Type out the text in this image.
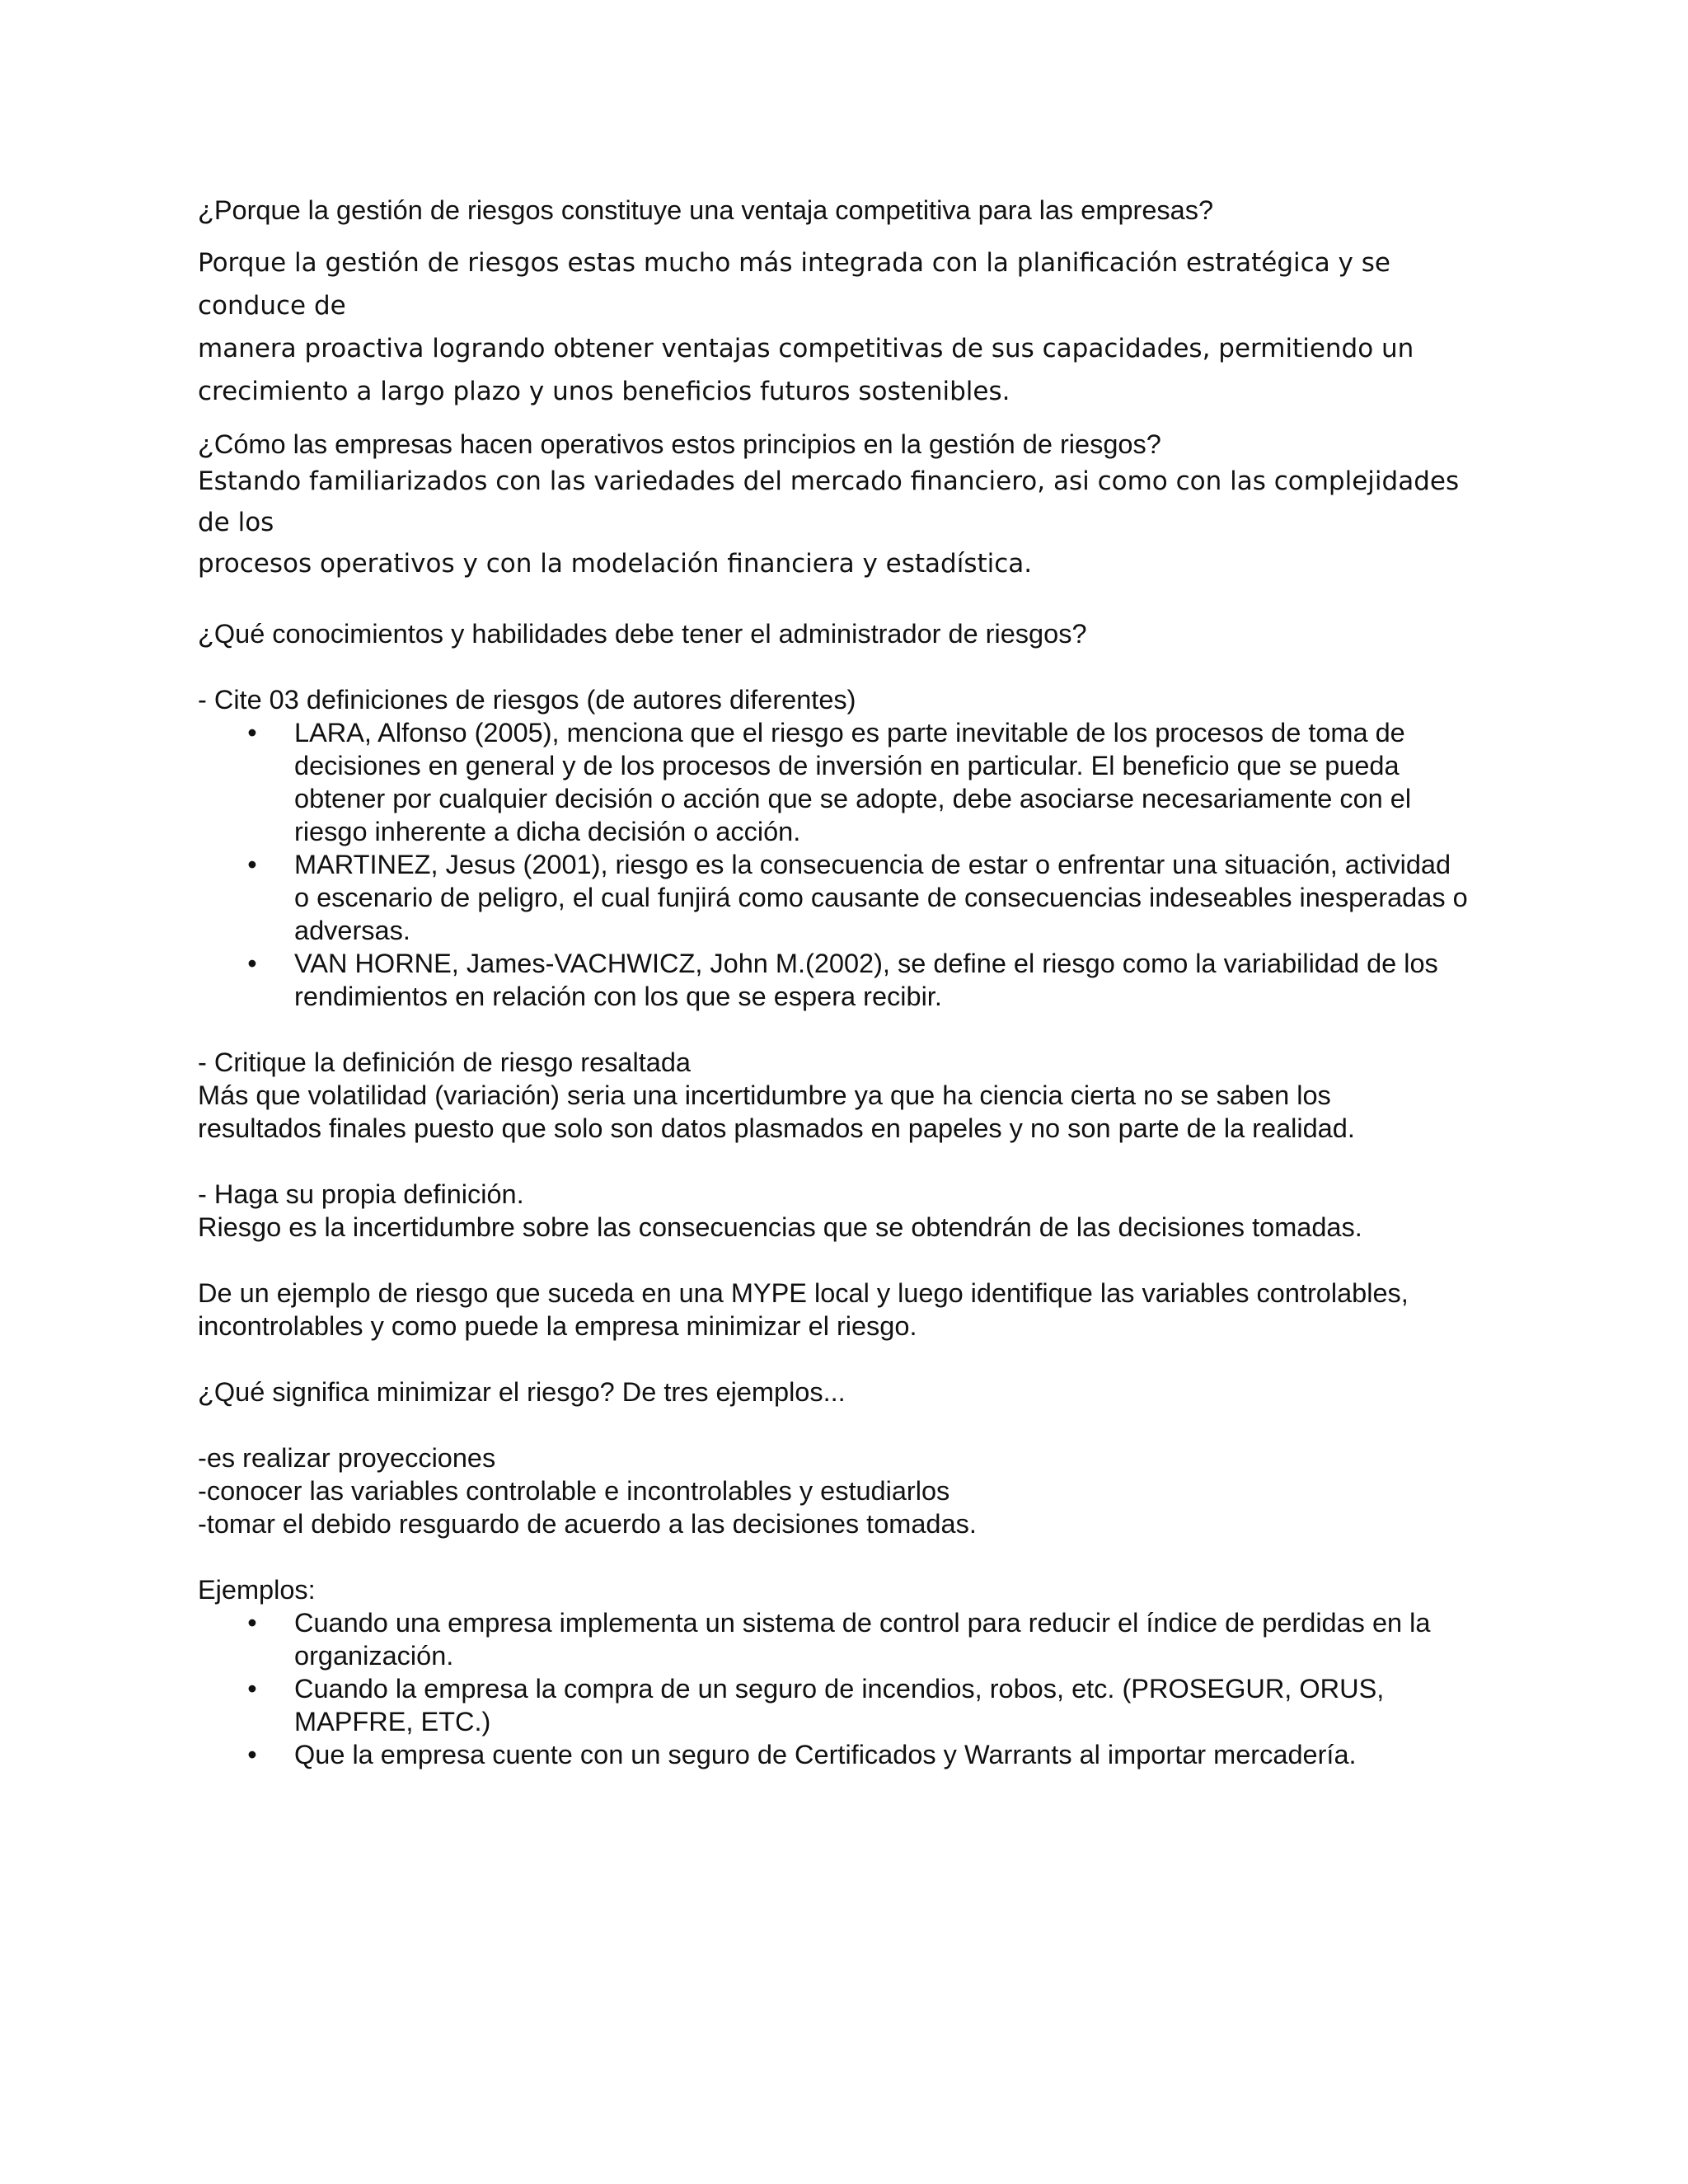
¿Porque la gestión de riesgos constituye una ventaja competitiva para las empresas?

Porque la gestión de riesgos estas mucho más integrada con la planificación estratégica y se conduce de

manera proactiva logrando obtener ventajas competitivas de sus capacidades, permitiendo un

crecimiento a largo plazo y unos beneficios futuros sostenibles.

¿Cómo las empresas hacen operativos estos principios en la gestión de riesgos?

Estando familiarizados con las variedades del mercado financiero, asi como con las complejidades de los

procesos operativos y con la modelación financiera y estadística.

¿Qué conocimientos y habilidades debe tener el administrador de riesgos?

- Cite 03 definiciones de riesgos (de autores diferentes)

• LARA, Alfonso (2005), menciona que el riesgo es parte inevitable de los procesos de toma de
decisiones en general y de los procesos de inversión en particular. El beneficio que se pueda
obtener por cualquier decisión o acción que se adopte, debe asociarse necesariamente con el
riesgo inherente a dicha decisión o acción.
• MARTINEZ, Jesus (2001), riesgo es la consecuencia de estar o enfrentar una situación, actividad
o escenario de peligro, el cual funjirá como causante de consecuencias indeseables inesperadas o
adversas.
• VAN HORNE, James-VACHWICZ, John M.(2002), se define el riesgo como la variabilidad de los
rendimientos en relación con los que se espera recibir.

- Critique la definición de riesgo resaltada

Más que volatilidad (variación) seria una incertidumbre ya que ha ciencia cierta no se saben los

resultados finales puesto que solo son datos plasmados en papeles y no son parte de la realidad.

- Haga su propia definición.

Riesgo es la incertidumbre sobre las consecuencias que se obtendrán de las decisiones tomadas.

De un ejemplo de riesgo que suceda en una MYPE local y luego identifique las variables controlables,

incontrolables y como puede la empresa minimizar el riesgo.

¿Qué significa minimizar el riesgo? De tres ejemplos...

-es realizar proyecciones

-conocer las variables controlable e incontrolables y estudiarlos

-tomar el debido resguardo de acuerdo a las decisiones tomadas.

Ejemplos:

• Cuando una empresa implementa un sistema de control para reducir el índice de perdidas en la
organización.
• Cuando la empresa la compra de un seguro de incendios, robos, etc. (PROSEGUR, ORUS,
MAPFRE, ETC.)
• Que la empresa cuente con un seguro de Certificados y Warrants al importar mercadería.
